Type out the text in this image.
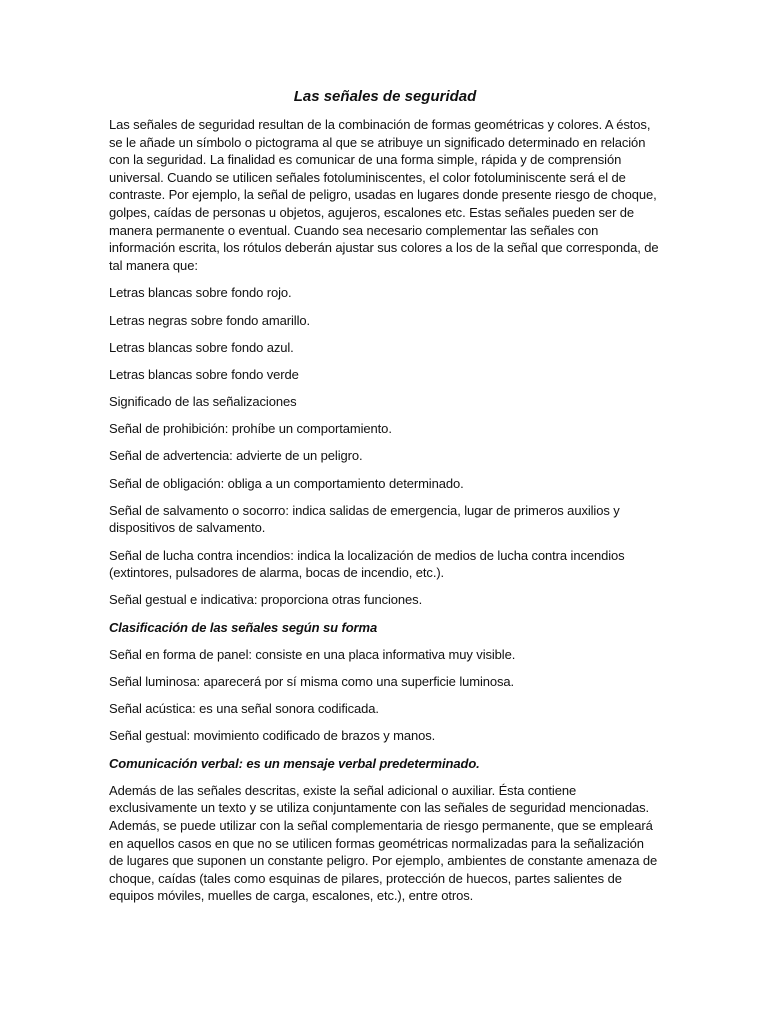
Las señales de seguridad

Las señales de seguridad resultan de la combinación de formas geométricas y colores. A éstos, se le añade un símbolo o pictograma al que se atribuye un significado determinado en relación con la seguridad. La finalidad es comunicar de una forma simple, rápida y de comprensión universal. Cuando se utilicen señales fotoluminiscentes, el color fotoluminiscente será el de contraste. Por ejemplo, la señal de peligro, usadas en lugares donde presente riesgo de choque, golpes, caídas de personas u objetos, agujeros, escalones etc. Estas señales pueden ser de manera permanente o eventual. Cuando sea necesario complementar las señales con información escrita, los rótulos deberán ajustar sus colores a los de la señal que corresponda, de tal manera que:

Letras blancas sobre fondo rojo.

Letras negras sobre fondo amarillo.

Letras blancas sobre fondo azul.

Letras blancas sobre fondo verde

Significado de las señalizaciones

Señal de prohibición: prohíbe un comportamiento.

Señal de advertencia: advierte de un peligro.

Señal de obligación: obliga a un comportamiento determinado.

Señal de salvamento o socorro: indica salidas de emergencia, lugar de primeros auxilios y dispositivos de salvamento.

Señal de lucha contra incendios: indica la localización de medios de lucha contra incendios (extintores, pulsadores de alarma, bocas de incendio, etc.).

Señal gestual e indicativa: proporciona otras funciones.

Clasificación de las señales según su forma

Señal en forma de panel: consiste en una placa informativa muy visible.

Señal luminosa: aparecerá por sí misma como una superficie luminosa.

Señal acústica: es una señal sonora codificada.

Señal gestual: movimiento codificado de brazos y manos.

Comunicación verbal: es un mensaje verbal predeterminado.

Además de las señales descritas, existe la señal adicional o auxiliar. Ésta contiene exclusivamente un texto y se utiliza conjuntamente con las señales de seguridad mencionadas. Además, se puede utilizar con la señal complementaria de riesgo permanente, que se empleará en aquellos casos en que no se utilicen formas geométricas normalizadas para la señalización de lugares que suponen un constante peligro. Por ejemplo, ambientes de constante amenaza de choque, caídas (tales como esquinas de pilares, protección de huecos, partes salientes de equipos móviles, muelles de carga, escalones, etc.), entre otros.
